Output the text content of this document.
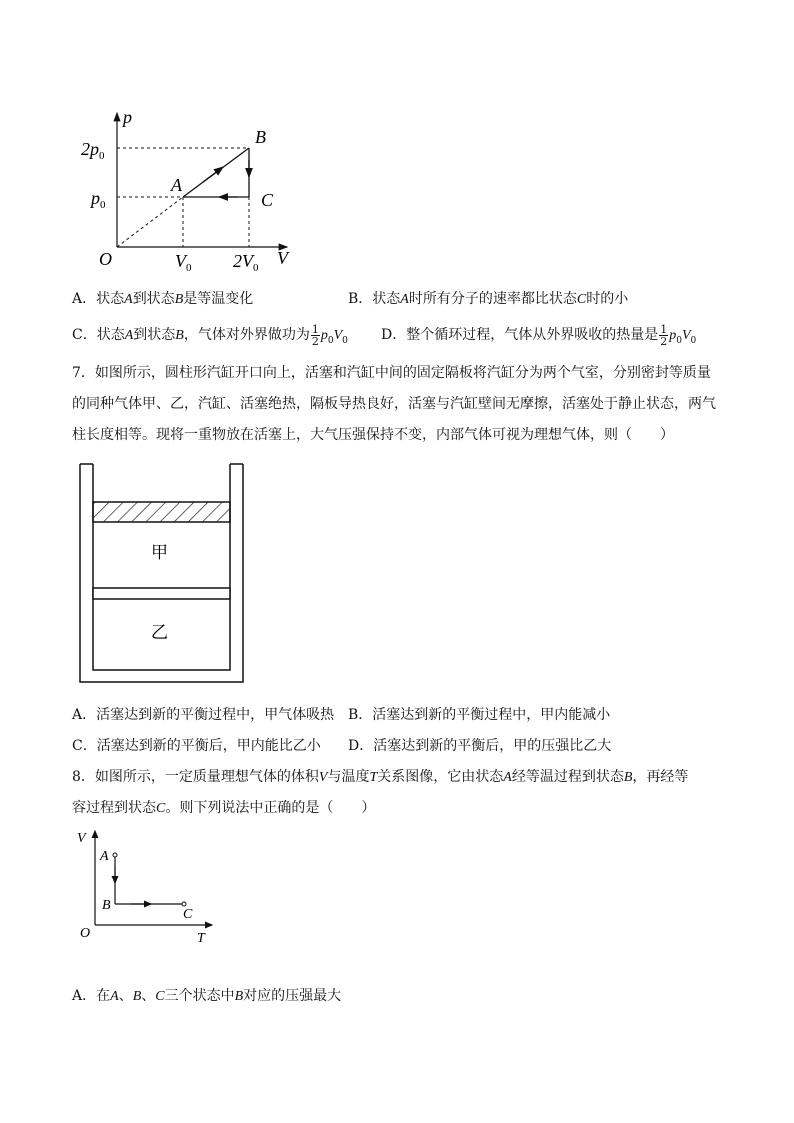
p
V
O
$2p_0$
$p_0$
$V_0$ $2V_0$
A
B
C
A．状态A到状态B是等温变化	B．状态A时所有分子的速率都比状态C时的小
C．状态A到状态B，气体对外界做功为 $\frac{1}{2} p_0V_0$ D．整个循环过程，气体从外界吸收的热量是 $\frac{1}{2} p_0V_0$
7．如图所示，圆柱形汽缸开口向上，活塞和汽缸中间的固定隔板将汽缸分为两个气室，分别密封等质量
的同种气体甲、乙，汽缸、活塞绝热，隔板导热良好，活塞与汽缸壁间无摩擦，活塞处于静止状态，两气
柱长度相等。现将一重物放在活塞上，大气压强保持不变，内部气体可视为理想气体，则（　　）
甲
乙
A．活塞达到新的平衡过程中，甲气体吸热 B．活塞达到新的平衡过程中，甲内能减小
C．活塞达到新的平衡后，甲内能比乙小 D．活塞达到新的平衡后，甲的压强比乙大
8．如图所示，一定质量理想气体的体积V与温度T关系图像，它由状态A经等温过程到状态B，再经等
容过程到状态C。则下列说法中正确的是（　　）
V
T
O
A
B
C
A．在A、B、C三个状态中B对应的压强最大
